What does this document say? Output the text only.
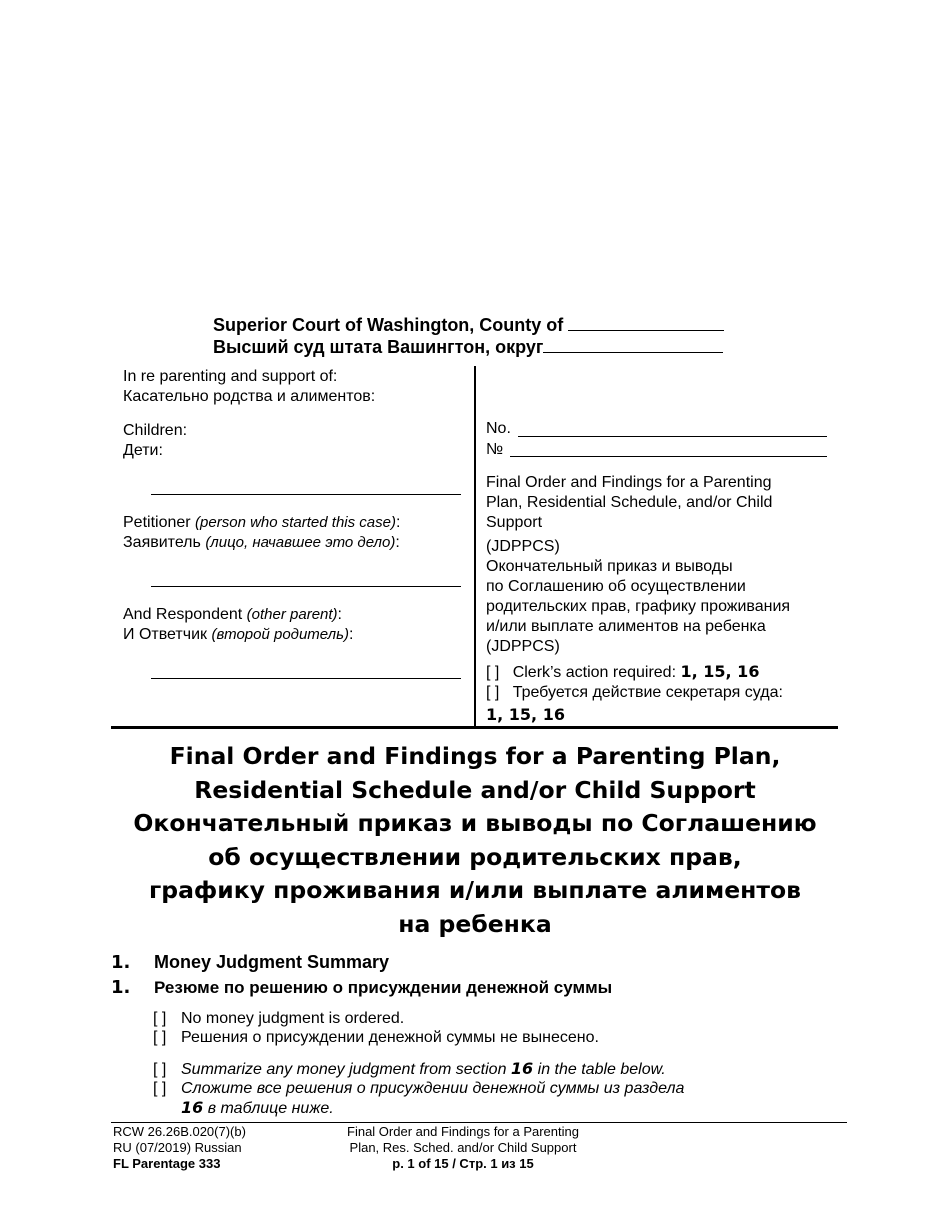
Superior Court of Washington, County of
Высший суд штата Вашингтон, округ
In re parenting and support of:
Касательно родства и алиментов:
Children:
Дети:
Petitioner (person who started this case):
Заявитель (лицо, начавшее это дело):
And Respondent (other parent):
И Ответчик (второй родитель):
No.
№
Final Order and Findings for a Parenting
Plan, Residential Schedule, and/or Child
Support
(JDPPCS)
Окончательный приказ и выводы
по Соглашению об осуществлении
родительских прав, графику проживания
и/или выплате алиментов на ребенка
(JDPPCS)
[ ] Clerk’s action required: 1, 15, 16
[ ] Требуется действие секретаря суда:
1, 15, 16
Final Order and Findings for a Parenting Plan,
Residential Schedule and/or Child Support
Окончательный приказ и выводы по Соглашению
об осуществлении родительских прав,
графику проживания и/или выплате алиментов
на ребенка
1. Money Judgment Summary
1. Резюме по решению о присуждении денежной суммы
[ ] No money judgment is ordered.
[ ] Решения о присуждении денежной суммы не вынесено.
[ ] Summarize any money judgment from section 16 in the table below.
[ ] Сложите все решения о присуждении денежной суммы из раздела
16 в таблице ниже.
RCW 26.26B.020(7)(b)
RU (07/2019) Russian
FL Parentage 333
Final Order and Findings for a Parenting
Plan, Res. Sched. and/or Child Support
p. 1 of 15 / Стр. 1 из 15
